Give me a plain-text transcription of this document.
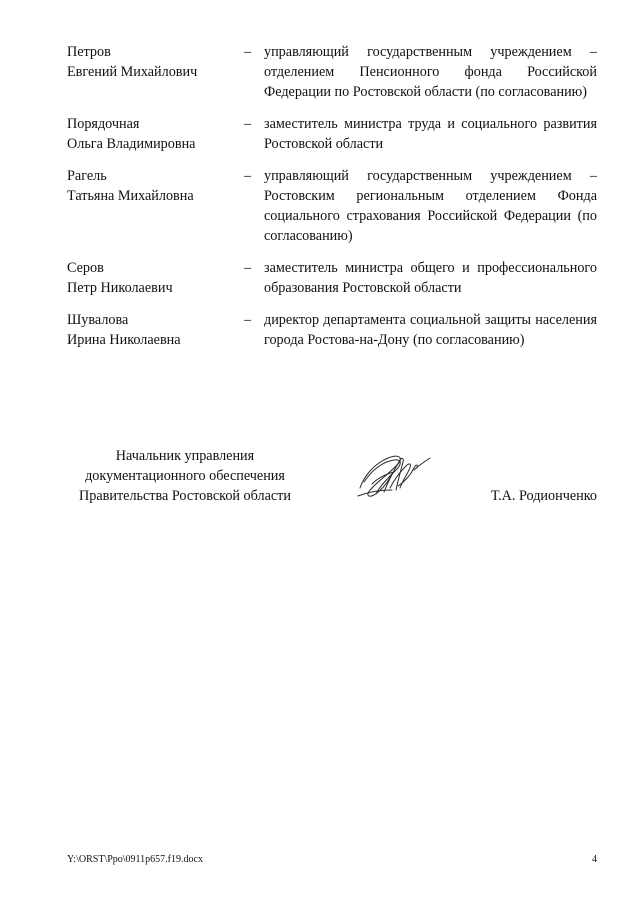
Петров
Евгений Михайлович
– управляющий государственным учреждением – отделением Пенсионного фонда Российской Федерации по Ростовской области (по согласованию)
Порядочная
Ольга Владимировна
– заместитель министра труда и социального развития Ростовской области
Рагель
Татьяна Михайловна
– управляющий государственным учреждением – Ростовским региональным отделением Фонда социального страхования Российской Федерации (по согласованию)
Серов
Петр Николаевич
– заместитель министра общего и профессионального образования Ростовской области
Шувалова
Ирина Николаевна
– директор департамента социальной защиты населения города Ростова-на-Дону (по согласованию)
Начальник управления
документационного обеспечения
Правительства Ростовской области	Т.А. Родионченко
Y:\ORST\Ppo\0911p657.f19.docx	4
